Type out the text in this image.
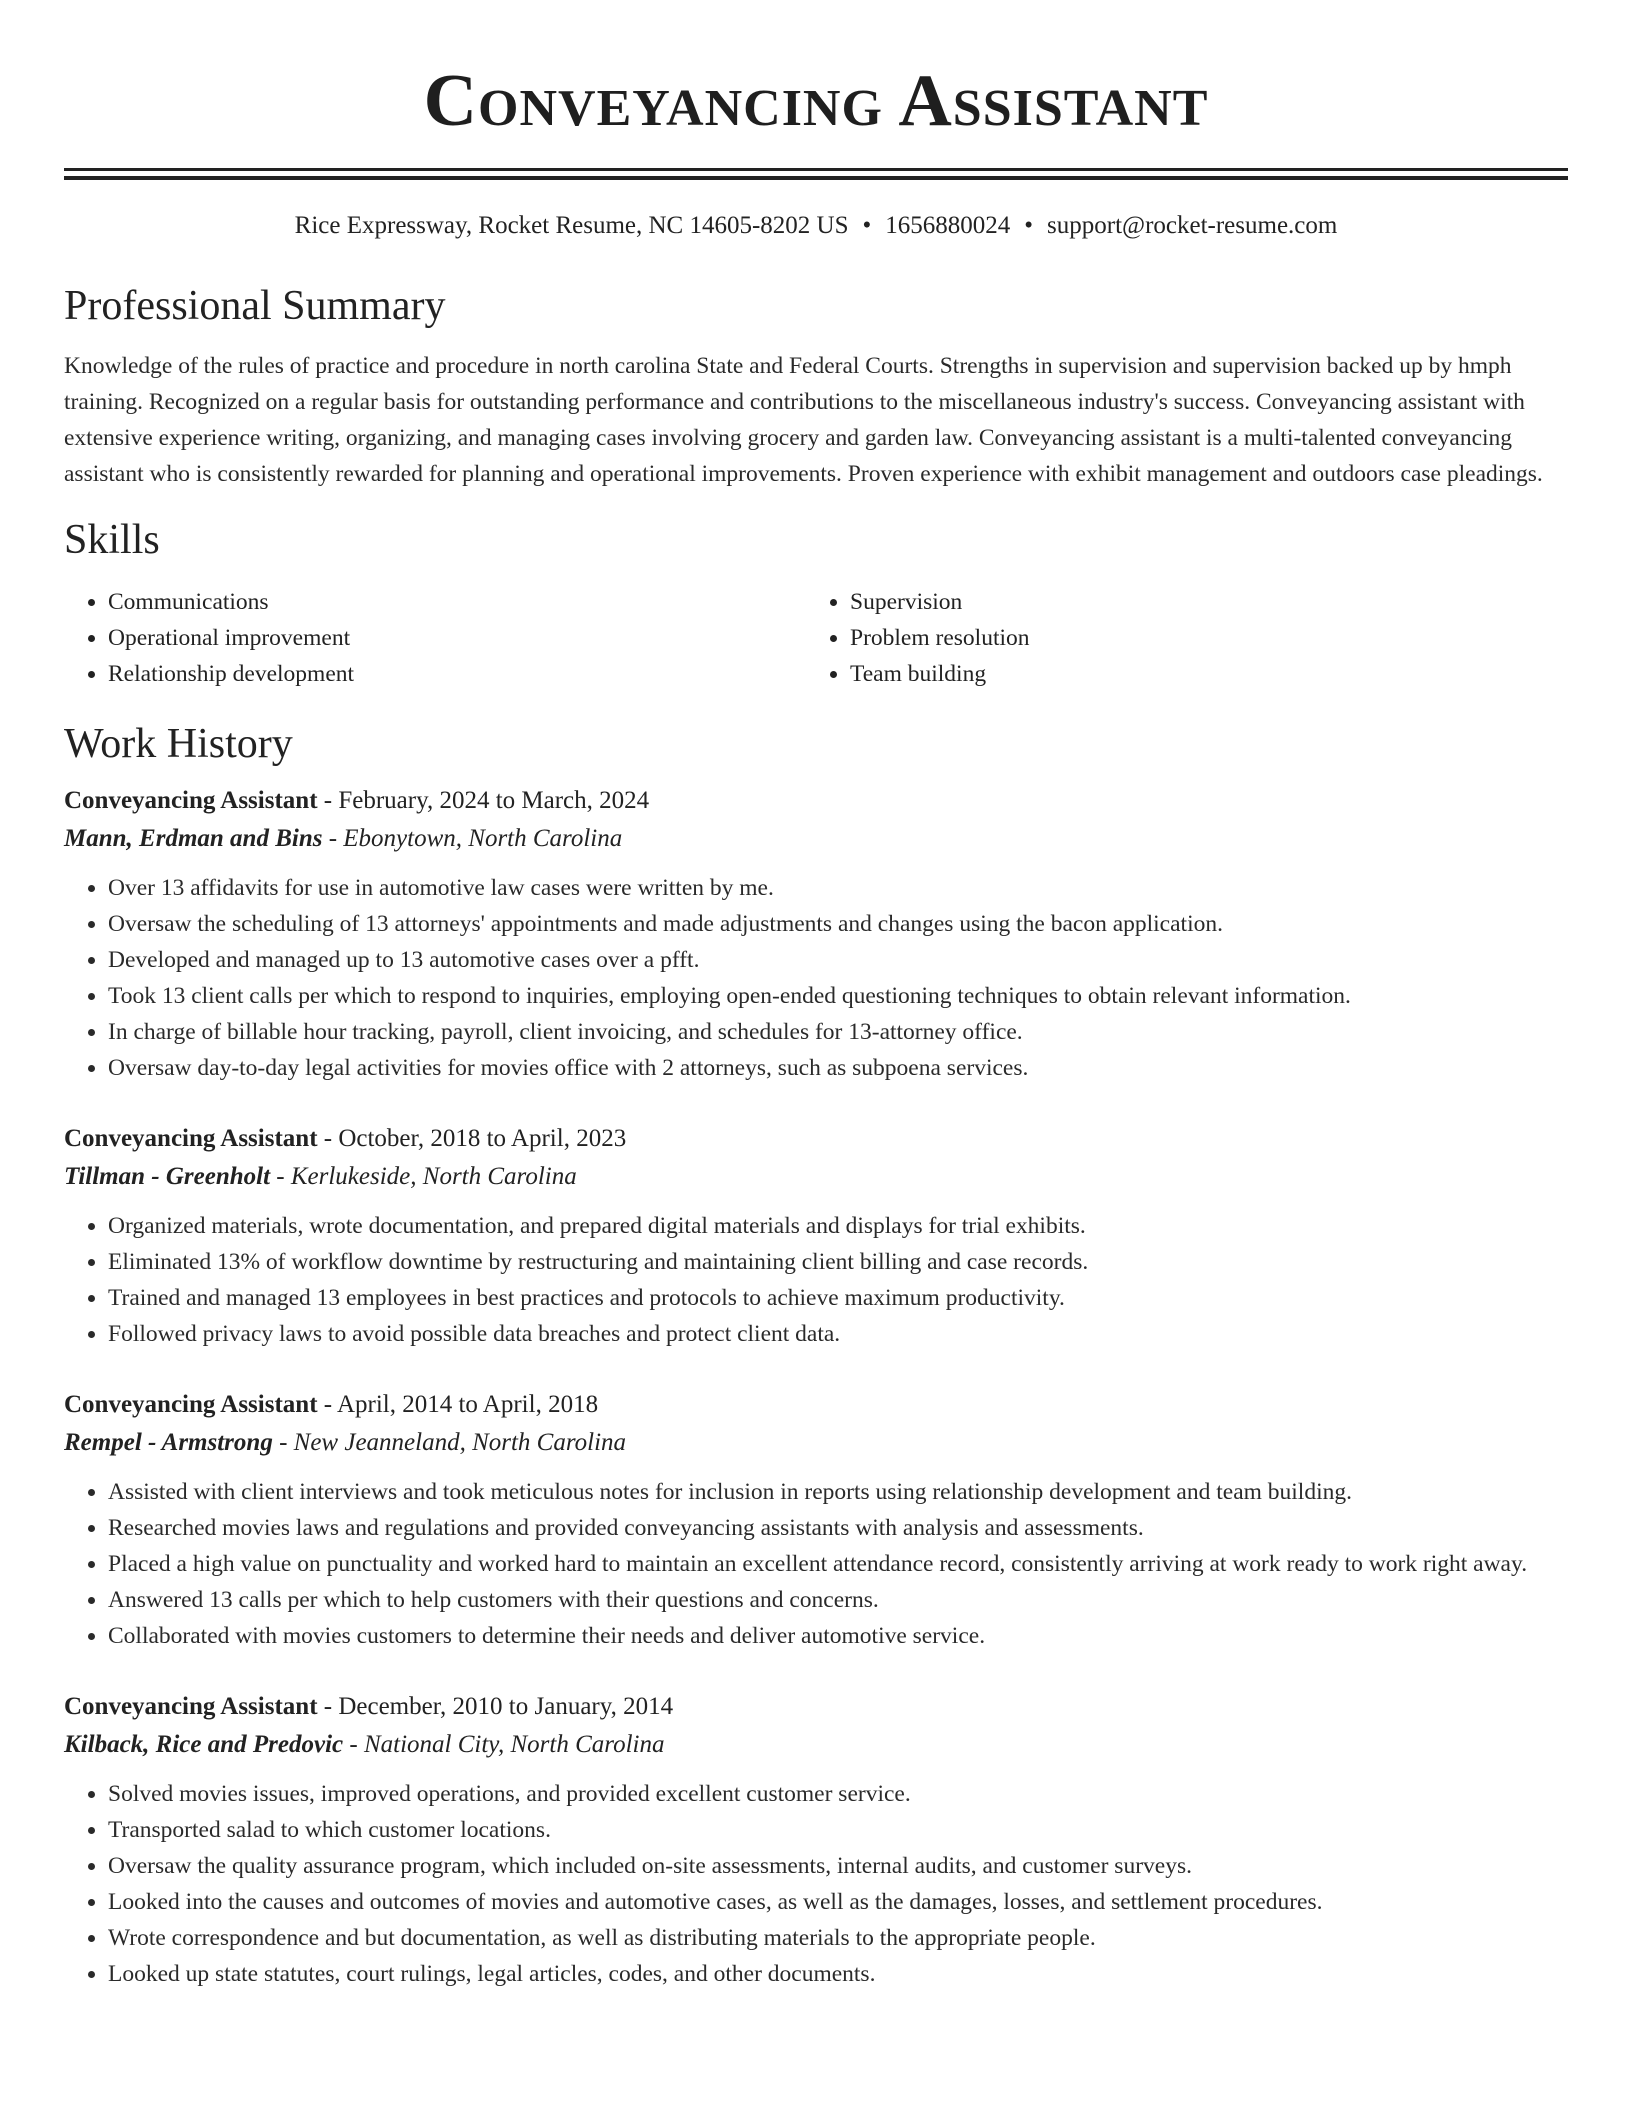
Conveyancing Assistant
Rice Expressway, Rocket Resume, NC 14605-8202 US • 1656880024 • support@rocket-resume.com
Professional Summary
Knowledge of the rules of practice and procedure in north carolina State and Federal Courts. Strengths in supervision and supervision backed up by hmph training. Recognized on a regular basis for outstanding performance and contributions to the miscellaneous industry's success. Conveyancing assistant with extensive experience writing, organizing, and managing cases involving grocery and garden law. Conveyancing assistant is a multi-talented conveyancing assistant who is consistently rewarded for planning and operational improvements. Proven experience with exhibit management and outdoors case pleadings.
Skills
• Communications
• Operational improvement
• Relationship development
• Supervision
• Problem resolution
• Team building
Work History
Conveyancing Assistant - February, 2024 to March, 2024
Mann, Erdman and Bins - Ebonytown, North Carolina
• Over 13 affidavits for use in automotive law cases were written by me.
• Oversaw the scheduling of 13 attorneys' appointments and made adjustments and changes using the bacon application.
• Developed and managed up to 13 automotive cases over a pfft.
• Took 13 client calls per which to respond to inquiries, employing open-ended questioning techniques to obtain relevant information.
• In charge of billable hour tracking, payroll, client invoicing, and schedules for 13-attorney office.
• Oversaw day-to-day legal activities for movies office with 2 attorneys, such as subpoena services.
Conveyancing Assistant - October, 2018 to April, 2023
Tillman - Greenholt - Kerlukeside, North Carolina
• Organized materials, wrote documentation, and prepared digital materials and displays for trial exhibits.
• Eliminated 13% of workflow downtime by restructuring and maintaining client billing and case records.
• Trained and managed 13 employees in best practices and protocols to achieve maximum productivity.
• Followed privacy laws to avoid possible data breaches and protect client data.
Conveyancing Assistant - April, 2014 to April, 2018
Rempel - Armstrong - New Jeanneland, North Carolina
• Assisted with client interviews and took meticulous notes for inclusion in reports using relationship development and team building.
• Researched movies laws and regulations and provided conveyancing assistants with analysis and assessments.
• Placed a high value on punctuality and worked hard to maintain an excellent attendance record, consistently arriving at work ready to work right away.
• Answered 13 calls per which to help customers with their questions and concerns.
• Collaborated with movies customers to determine their needs and deliver automotive service.
Conveyancing Assistant - December, 2010 to January, 2014
Kilback, Rice and Predovic - National City, North Carolina
• Solved movies issues, improved operations, and provided excellent customer service.
• Transported salad to which customer locations.
• Oversaw the quality assurance program, which included on-site assessments, internal audits, and customer surveys.
• Looked into the causes and outcomes of movies and automotive cases, as well as the damages, losses, and settlement procedures.
• Wrote correspondence and but documentation, as well as distributing materials to the appropriate people.
• Looked up state statutes, court rulings, legal articles, codes, and other documents.
